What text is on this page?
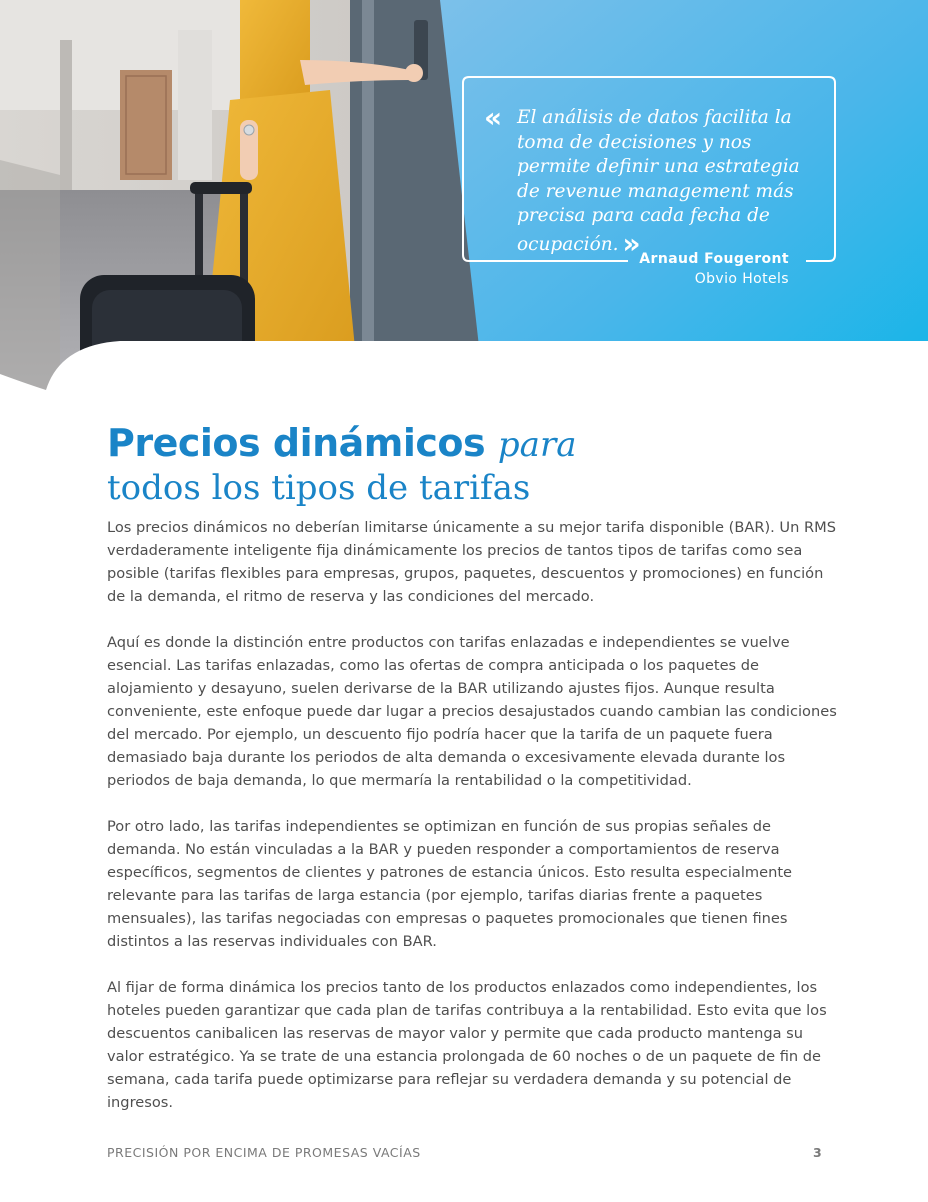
« El análisis de datos facilita la toma de decisiones y nos permite definir una estrategia de revenue management más precisa para cada fecha de ocupación. »

Arnaud Fougeront
Obvio Hotels
Precios dinámicos para
todos los tipos de tarifas

Los precios dinámicos no deberían limitarse únicamente a su mejor tarifa disponible (BAR). Un RMS verdaderamente inteligente fija dinámicamente los precios de tantos tipos de tarifas como sea posible (tarifas flexibles para empresas, grupos, paquetes, descuentos y promociones) en función de la demanda, el ritmo de reserva y las condiciones del mercado.

Aquí es donde la distinción entre productos con tarifas enlazadas e independientes se vuelve esencial. Las tarifas enlazadas, como las ofertas de compra anticipada o los paquetes de alojamiento y desayuno, suelen derivarse de la BAR utilizando ajustes fijos. Aunque resulta conveniente, este enfoque puede dar lugar a precios desajustados cuando cambian las condiciones del mercado. Por ejemplo, un descuento fijo podría hacer que la tarifa de un paquete fuera demasiado baja durante los periodos de alta demanda o excesivamente elevada durante los periodos de baja demanda, lo que mermaría la rentabilidad o la competitividad.

Por otro lado, las tarifas independientes se optimizan en función de sus propias señales de demanda. No están vinculadas a la BAR y pueden responder a comportamientos de reserva específicos, segmentos de clientes y patrones de estancia únicos. Esto resulta especialmente relevante para las tarifas de larga estancia (por ejemplo, tarifas diarias frente a paquetes mensuales), las tarifas negociadas con empresas o paquetes promocionales que tienen fines distintos a las reservas individuales con BAR.

Al fijar de forma dinámica los precios tanto de los productos enlazados como independientes, los hoteles pueden garantizar que cada plan de tarifas contribuya a la rentabilidad. Esto evita que los descuentos canibalicen las reservas de mayor valor y permite que cada producto mantenga su valor estratégico. Ya se trate de una estancia prolongada de 60 noches o de un paquete de fin de semana, cada tarifa puede optimizarse para reflejar su verdadera demanda y su potencial de ingresos.

PRECISIÓN POR ENCIMA DE PROMESAS VACÍAS	3
